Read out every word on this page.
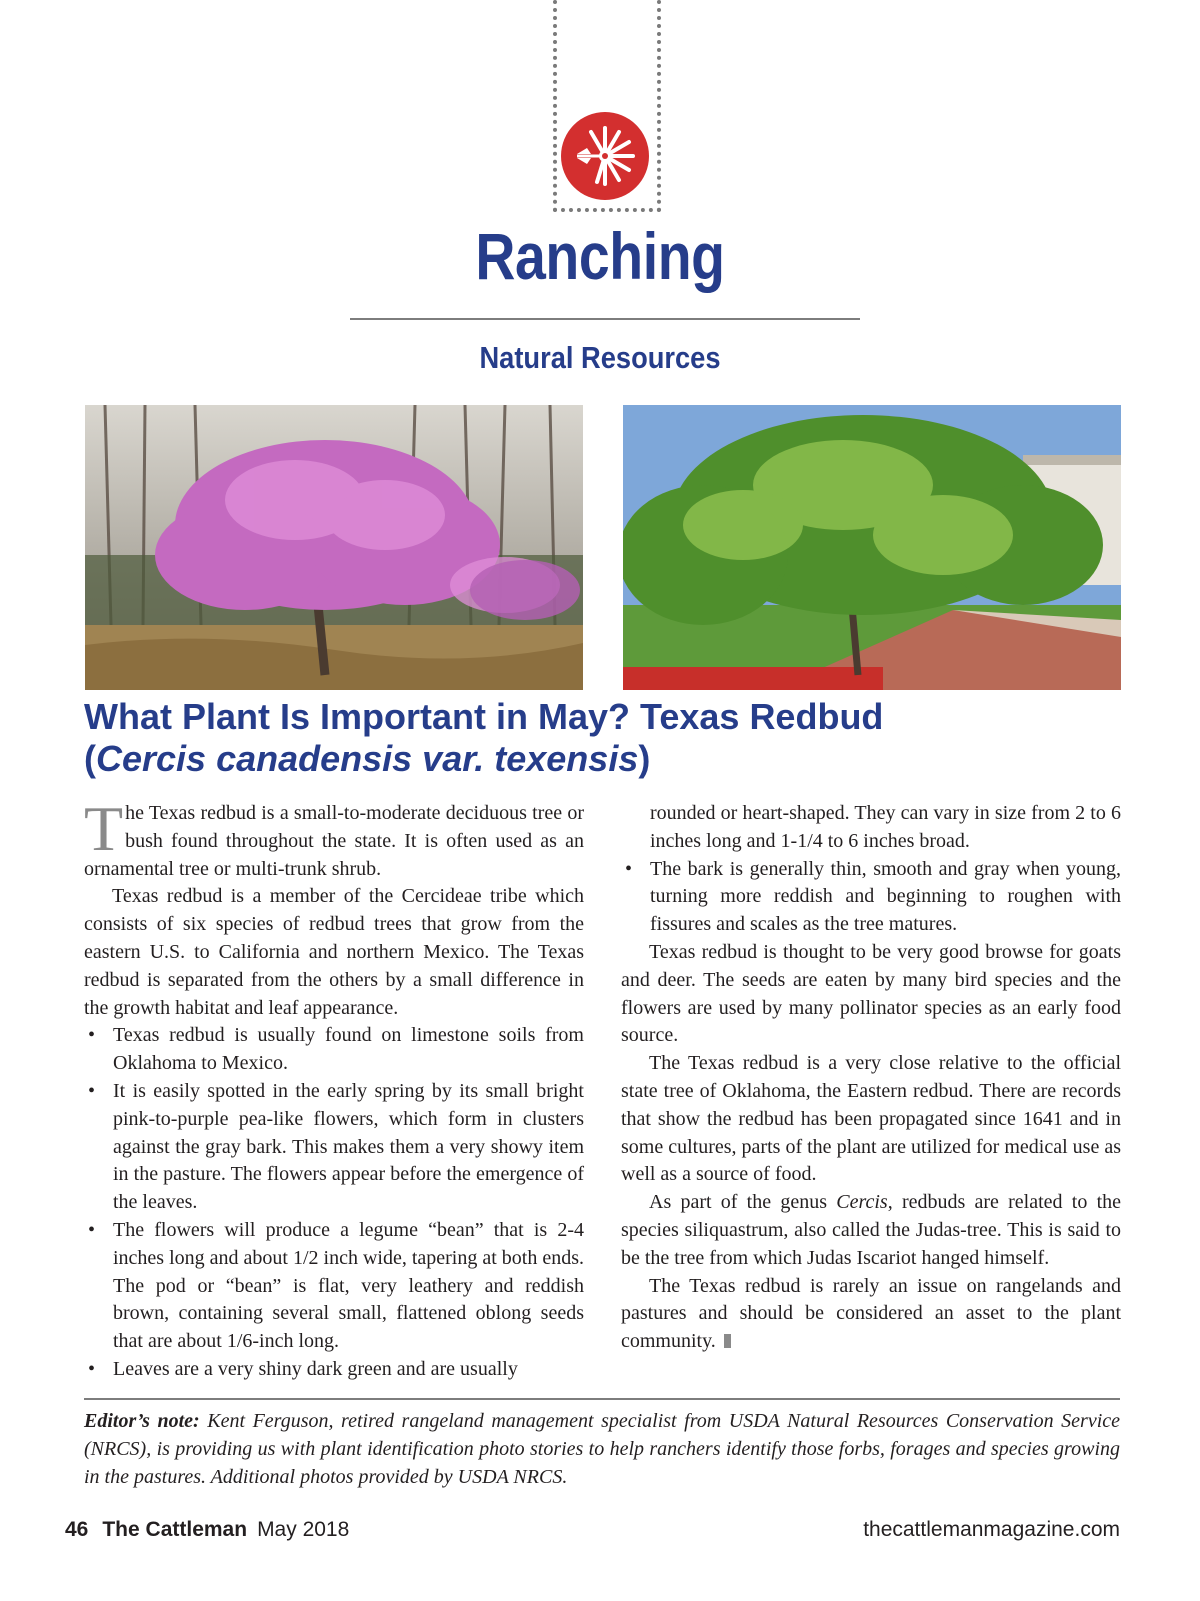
Ranching
Natural Resources
What Plant Is Important in May? Texas Redbud
(Cercis canadensis var. texensis)

The Texas redbud is a small-to-moderate deciduous tree or bush found throughout the state. It is often used as an ornamental tree or multi-trunk shrub.

Texas redbud is a member of the Cercideae tribe which consists of six species of redbud trees that grow from the eastern U.S. to California and northern Mexico. The Texas redbud is separated from the others by a small difference in the growth habitat and leaf appearance.

• Texas redbud is usually found on limestone soils from Oklahoma to Mexico.
• It is easily spotted in the early spring by its small bright pink-to-purple pea-like flowers, which form in clusters against the gray bark. This makes them a very showy item in the pasture. The flowers appear before the emergence of the leaves.
• The flowers will produce a legume “bean” that is 2-4 inches long and about 1/2 inch wide, tapering at both ends. The pod or “bean” is flat, very leathery and reddish brown, containing several small, flattened oblong seeds that are about 1/6-inch long.
• Leaves are a very shiny dark green and are usually

rounded or heart-shaped. They can vary in size from 2 to 6 inches long and 1-1/4 to 6 inches broad.

• The bark is generally thin, smooth and gray when young, turning more reddish and beginning to roughen with fissures and scales as the tree matures.

Texas redbud is thought to be very good browse for goats and deer. The seeds are eaten by many bird species and the flowers are used by many pollinator species as an early food source.

The Texas redbud is a very close relative to the official state tree of Oklahoma, the Eastern redbud. There are records that show the redbud has been propagated since 1641 and in some cultures, parts of the plant are utilized for medical use as well as a source of food.

As part of the genus Cercis, redbuds are related to the species siliquastrum, also called the Judas-tree. This is said to be the tree from which Judas Iscariot hanged himself.

The Texas redbud is rarely an issue on rangelands and pastures and should be considered an asset to the plant community.

Editor’s note: Kent Ferguson, retired rangeland management specialist from USDA Natural Resources Conservation Service (NRCS), is providing us with plant identification photo stories to help ranchers identify those forbs, forages and species growing in the pastures. Additional photos provided by USDA NRCS.
46 The Cattleman May 2018	thecattlemanmagazine.com
